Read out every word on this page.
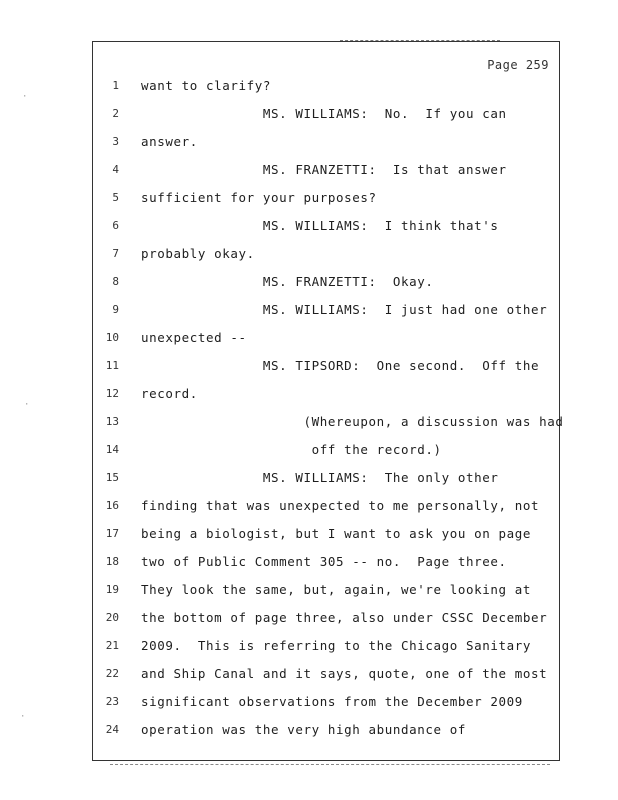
·
·
·
Page 259
1 want to clarify?
2 MS. WILLIAMS:  No.  If you can
3 answer.
4 MS. FRANZETTI:  Is that answer
5 sufficient for your purposes?
6 MS. WILLIAMS:  I think that's
7 probably okay.
8 MS. FRANZETTI:  Okay.
9 MS. WILLIAMS:  I just had one other
10 unexpected --
11 MS. TIPSORD:  One second.  Off the
12 record.
13 (Whereupon, a discussion was had
14 off the record.)
15 MS. WILLIAMS:  The only other
16 finding that was unexpected to me personally, not
17 being a biologist, but I want to ask you on page
18 two of Public Comment 305 -- no.  Page three.
19 They look the same, but, again, we're looking at
20 the bottom of page three, also under CSSC December
21 2009.  This is referring to the Chicago Sanitary
22 and Ship Canal and it says, quote, one of the most
23 significant observations from the December 2009
24 operation was the very high abundance of
